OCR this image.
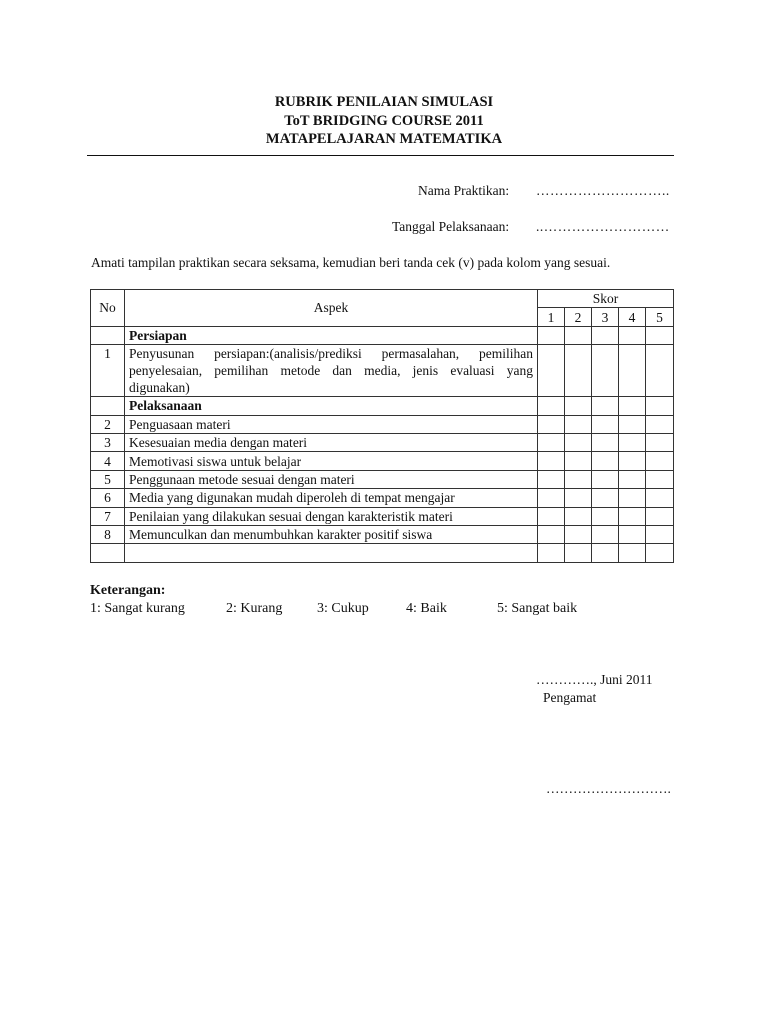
RUBRIK PENILAIAN SIMULASI
ToT BRIDGING COURSE 2011
MATAPELAJARAN MATEMATIKA
Nama Praktikan: ………………………..
Tanggal Pelaksanaan: ..………………………
Amati tampilan praktikan secara seksama, kemudian beri tanda cek (v) pada kolom yang sesuai.
No	Aspek	Skor				
		1	2	3	4	5
	Persiapan					
1	Penyusunan persiapan:(analisis/prediksi permasalahan, pemilihan penyelesaian, pemilihan metode dan media, jenis evaluasi yang digunakan)					
	Pelaksanaan					
2	Penguasaan materi					
3	Kesesuaian media dengan materi					
4	Memotivasi siswa untuk belajar					
5	Penggunaan metode sesuai dengan materi					
6	Media yang digunakan mudah diperoleh di tempat mengajar					
7	Penilaian yang dilakukan sesuai dengan karakteristik materi					
8	Memunculkan dan menumbuhkan karakter positif siswa					

Keterangan:
1: Sangat kurang	2: Kurang 3: Cukup	4: Baik	5: Sangat baik
…………., Juni 2011
Pengamat
……………………….
